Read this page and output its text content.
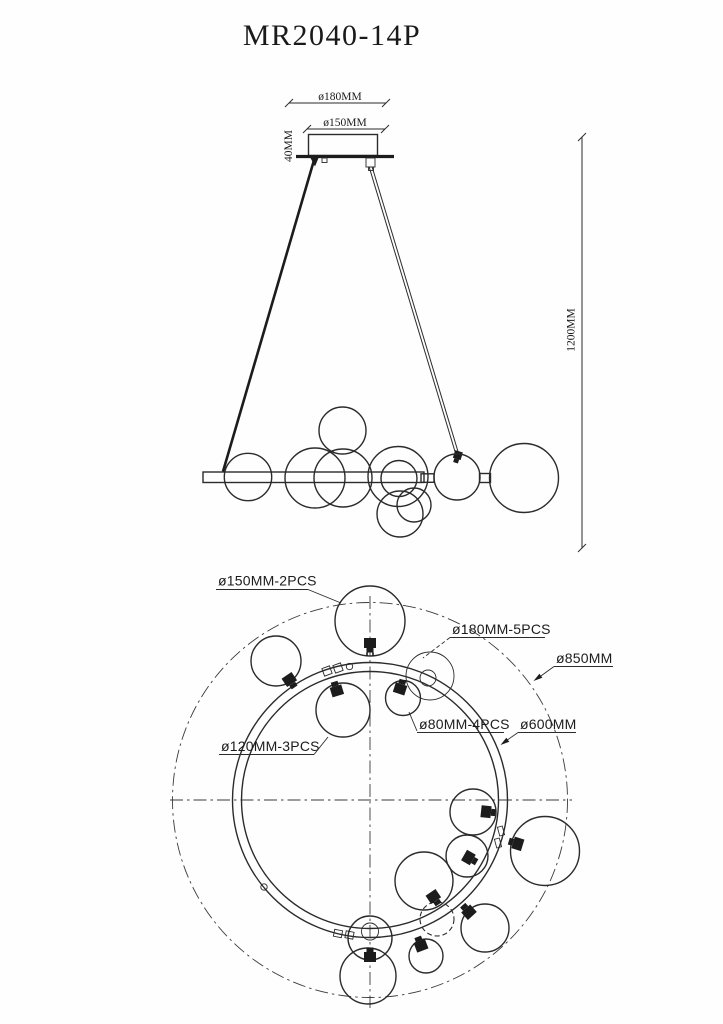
MR2040-14P
ø180MM
ø150MM
40MM
1200MM
ø150MM-2PCS
ø180MM-5PCS
ø850MM
ø600MM
ø80MM-4PCS
ø120MM-3PCS
